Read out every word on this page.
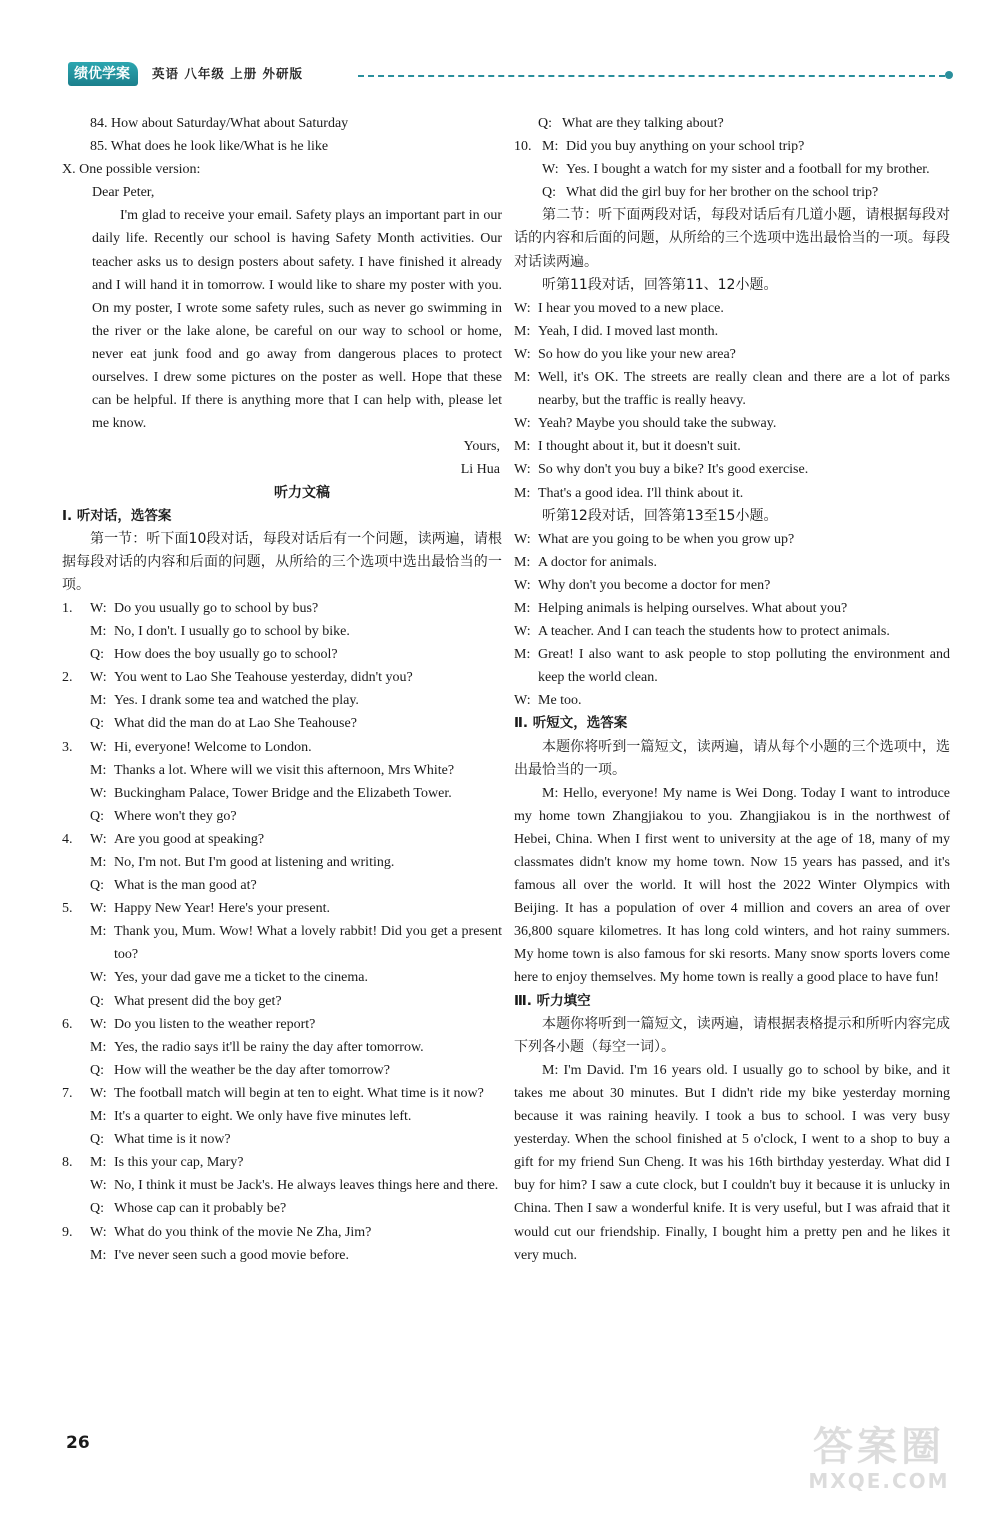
绩优学案	英语 八年级 上册 外研版

84. How about Saturday/What about Saturday

85. What does he look like/What is he like

X. One possible version:

Dear Peter,

I'm glad to receive your email. Safety plays an important part in our daily life. Recently our school is having Safety Month activities. Our teacher asks us to design posters about safety. I have finished it already and I will hand it in tomorrow. I would like to share my poster with you. On my poster, I wrote some safety rules, such as never go swimming in the river or the lake alone, be careful on our way to school or home, never eat junk food and go away from dangerous places to protect ourselves. I drew some pictures on the poster as well. Hope that these can be helpful. If there is anything more that I can help with, please let me know.

Yours,

Li Hua

听力文稿

Ⅰ. 听对话，选答案

第一节：听下面10段对话，每段对话后有一个问题，读两遍，请根据每段对话的内容和后面的问题，从所给的三个选项中选出最恰当的一项。

1. W: Do you usually go to school by bus?
M: No, I don't. I usually go to school by bike.
Q: How does the boy usually go to school?
2. W: You went to Lao She Teahouse yesterday, didn't you?
M: Yes. I drank some tea and watched the play.
Q: What did the man do at Lao She Teahouse?
3. W: Hi, everyone! Welcome to London.
M: Thanks a lot. Where will we visit this afternoon, Mrs White?
W: Buckingham Palace, Tower Bridge and the Elizabeth Tower.
Q: Where won't they go?
4. W: Are you good at speaking?
M: No, I'm not. But I'm good at listening and writing.
Q: What is the man good at?
5. W: Happy New Year! Here's your present.
M: Thank you, Mum. Wow! What a lovely rabbit! Did you get a present too?
W: Yes, your dad gave me a ticket to the cinema.
Q: What present did the boy get?
6. W: Do you listen to the weather report?
M: Yes, the radio says it'll be rainy the day after tomorrow.
Q: How will the weather be the day after tomorrow?
7. W: The football match will begin at ten to eight. What time is it now?
M: It's a quarter to eight. We only have five minutes left.
Q: What time is it now?
8. M: Is this your cap, Mary?
W: No, I think it must be Jack's. He always leaves things here and there.
Q: Whose cap can it probably be?
9. W: What do you think of the movie Ne Zha, Jim?
M: I've never seen such a good movie before.
Q: What are they talking about?
10. M: Did you buy anything on your school trip?
W: Yes. I bought a watch for my sister and a football for my brother.
Q: What did the girl buy for her brother on the school trip?

第二节：听下面两段对话，每段对话后有几道小题，请根据每段对话的内容和后面的问题，从所给的三个选项中选出最恰当的一项。每段对话读两遍。

听第11段对话，回答第11、12小题。

W: I hear you moved to a new place.
M: Yeah, I did. I moved last month.
W: So how do you like your new area?
M: Well, it's OK. The streets are really clean and there are a lot of parks nearby, but the traffic is really heavy.
W: Yeah? Maybe you should take the subway.
M: I thought about it, but it doesn't suit.
W: So why don't you buy a bike? It's good exercise.
M: That's a good idea. I'll think about it.

听第12段对话，回答第13至15小题。

W: What are you going to be when you grow up?
M: A doctor for animals.
W: Why don't you become a doctor for men?
M: Helping animals is helping ourselves. What about you?
W: A teacher. And I can teach the students how to protect animals.
M: Great! I also want to ask people to stop polluting the environment and keep the world clean.
W: Me too.

Ⅱ. 听短文，选答案

本题你将听到一篇短文，读两遍，请从每个小题的三个选项中，选出最恰当的一项。

M: Hello, everyone! My name is Wei Dong. Today I want to introduce my home town Zhangjiakou to you. Zhangjiakou is in the northwest of Hebei, China. When I first went to university at the age of 18, many of my classmates didn't know my home town. Now 15 years has passed, and it's famous all over the world. It will host the 2022 Winter Olympics with Beijing. It has a population of over 4 million and covers an area of over 36,800 square kilometres. It has long cold winters, and hot rainy summers. My home town is also famous for ski resorts. Many snow sports lovers come here to enjoy themselves. My home town is really a good place to have fun!

Ⅲ. 听力填空

本题你将听到一篇短文，读两遍，请根据表格提示和所听内容完成下列各小题（每空一词）。

M: I'm David. I'm 16 years old. I usually go to school by bike, and it takes me about 30 minutes. But I didn't ride my bike yesterday morning because it was raining heavily. I took a bus to school. I was very busy yesterday. When the school finished at 5 o'clock, I went to a shop to buy a gift for my friend Sun Cheng. It was his 16th birthday yesterday. What did I buy for him? I saw a cute clock, but I couldn't buy it because it is unlucky in China. Then I saw a wonderful knife. It is very useful, but I was afraid that it would cut our friendship. Finally, I bought him a pretty pen and he likes it very much.

26	答案圈
MXQE.COM
